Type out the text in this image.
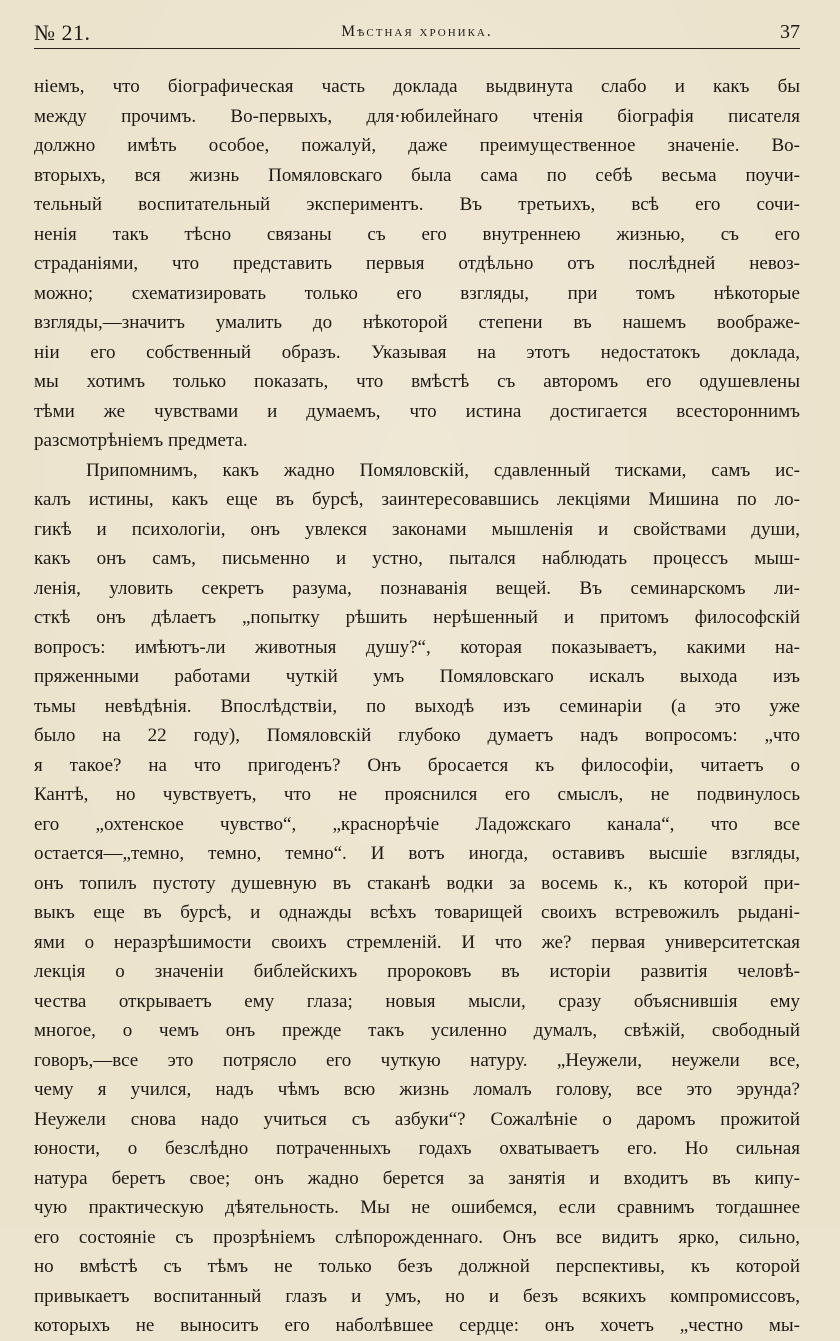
№ 21.	Мѣстная хроника.	37
ніемъ, что біографическая часть доклада выдвинута слабо и какъ бы
между прочимъ. Во-первыхъ, для·юбилейнаго чтенія біографія писателя
должно имѣть особое, пожалуй, даже преимущественное значеніе. Во-
вторыхъ, вся жизнь Помяловскаго была сама по себѣ весьма поучи-
тельный воспитательный экспериментъ. Въ третьихъ, всѣ его сочи-
ненія такъ тѣсно связаны съ его внутреннею жизнью, съ его
страданіями, что представить первыя отдѣльно отъ послѣдней невоз-
можно; схематизировать только его взгляды, при томъ нѣкоторые
взгляды,—значитъ умалить до нѣкоторой степени въ нашемъ воображе-
ніи его собственный образъ. Указывая на этотъ недостатокъ доклада,
мы хотимъ только показать, что вмѣстѣ съ авторомъ его одушевлены
тѣми же чувствами и думаемъ, что истина достигается всестороннимъ
разсмотрѣніемъ предмета.
Припомнимъ, какъ жадно Помяловскій, сдавленный тисками, самъ ис-
калъ истины, какъ еще въ бурсѣ, заинтересовавшись лекціями Мишина по ло-
гикѣ и психологіи, онъ увлекся законами мышленія и свойствами души,
какъ онъ самъ, письменно и устно, пытался наблюдать процессъ мыш-
ленія, уловить секретъ разума, познаванія вещей. Въ семинарскомъ ли-
сткѣ онъ дѣлаетъ „попытку рѣшить нерѣшенный и притомъ философскій
вопросъ: имѣютъ-ли животныя душу?“, которая показываетъ, какими на-
пряженными работами чуткій умъ Помяловскаго искалъ выхода изъ
тьмы невѣдѣнія. Впослѣдствіи, по выходѣ изъ семинаріи (а это уже
было на 22 году), Помяловскій глубоко думаетъ надъ вопросомъ: „что
я такое? на что пригоденъ? Онъ бросается къ философіи, читаетъ о
Кантѣ, но чувствуетъ, что не прояснился его смыслъ, не подвинулось
его „охтенское чувство“, „краснорѣчіе Ладожскаго канала“, что все
остается—„темно, темно, темно“. И вотъ иногда, оставивъ высшіе взгляды,
онъ топилъ пустоту душевную въ стаканѣ водки за восемь к., къ которой при-
выкъ еще въ бурсѣ, и однажды всѣхъ товарищей своихъ встревожилъ рыданi-
ями о неразрѣшимости своихъ стремленій. И что же? первая университетская
лекція о значеніи библейскихъ пророковъ въ исторіи развитія человѣ-
чества открываетъ ему глаза; новыя мысли, сразу объяснившія ему
многое, о чемъ онъ прежде такъ усиленно думалъ, свѣжій, свободный
говоръ,—все это потрясло его чуткую натуру. „Неужели, неужели все,
чему я учился, надъ чѣмъ всю жизнь ломалъ голову, все это эрунда?
Неужели снова надо учиться съ азбуки“? Сожалѣніе о даромъ прожитой
юности, о безслѣдно потраченныхъ годахъ охватываетъ его. Но сильная
натура беретъ свое; онъ жадно берется за занятія и входитъ въ кипу-
чую практическую дѣятельность. Мы не ошибемся, если сравнимъ тогдашнее
его состояніе съ прозрѣніемъ слѣпорожденнаго. Онъ все видитъ ярко, сильно,
но вмѣстѣ съ тѣмъ не только безъ должной перспективы, къ которой
привыкаетъ воспитанный глазъ и умъ, но и безъ всякихъ компромиссовъ,
которыхъ не выноситъ его наболѣвшее сердце: онъ хочетъ „честно мы-
